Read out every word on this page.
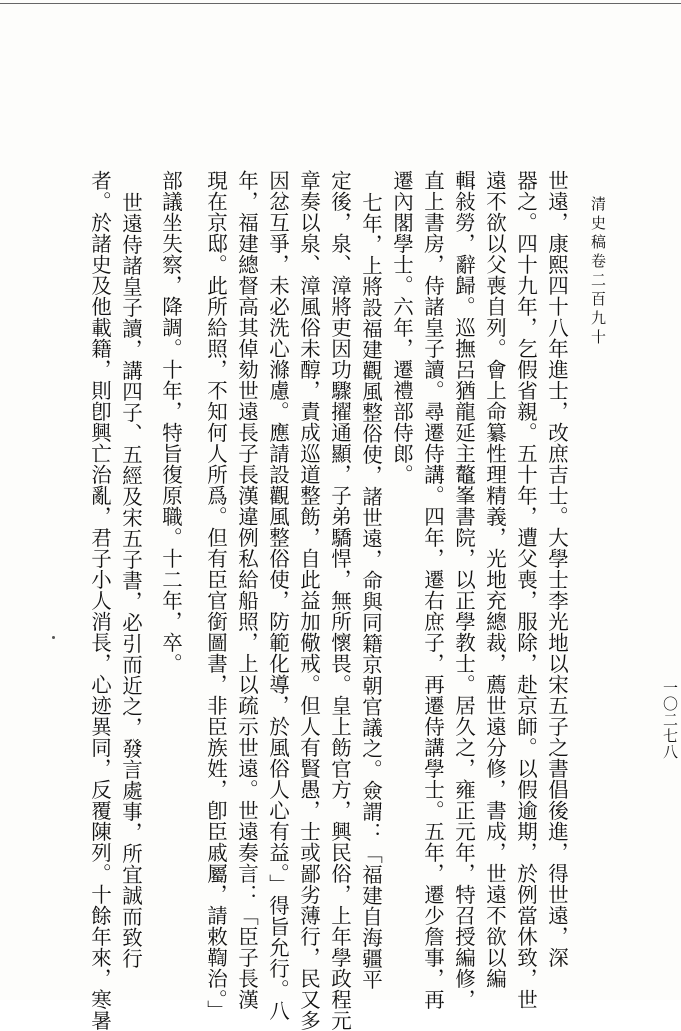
清史稿卷二百九十
一〇二七八
世遠，康熙四十八年進士，改庶吉士。大學士李光地以宋五子之書倡後進，得世遠，深
器之。四十九年，乞假省親。五十年，遭父喪，服除，赴京師。以假逾期，於例當休致，世
遠不欲以父喪自列。會上命纂性理精義，光地充總裁，薦世遠分修，書成，世遠不欲以編
輯敍勞，辭歸。巡撫呂猶龍延主鼇峯書院，以正學教士。居久之，雍正元年，特召授編修，
直上書房，侍諸皇子讀。尋遷侍講。四年，遷右庶子，再遷侍講學士。五年，遷少詹事，再
遷內閣學士。六年，遷禮部侍郎。
七年，上將設福建觀風整俗使，諸世遠，命與同籍京朝官議之。僉謂：「福建自海疆平
定後，泉、漳將吏因功驟擢通顯，子弟驕悍，無所懷畏。皇上飭官方，興民俗，上年學政程元
章奏以泉、漳風俗未醇，責成巡道整飭，自此益加儆戒。但人有賢愚，士或鄙劣薄行，民又多
因忿互爭，未必洗心滌慮。應請設觀風整俗使，防範化導，於風俗人心有益。」得旨允行。八
年，福建總督高其倬劾世遠長子長漢違例私給船照，上以疏示世遠。世遠奏言：「臣子長漢
現在京邸。此所給照，不知何人所爲。但有臣官銜圖書，非臣族姓，卽臣戚屬，請敕鞫治。」
部議坐失察，降調。十年，特旨復原職。十二年，卒。
世遠侍諸皇子讀，講四子、五經及宋五子書，必引而近之，發言處事，所宜誠而致行
者。於諸史及他載籍，則卽興亡治亂，君子小人消長，心迹異同，反覆陳列。十餘年來，寒暑
